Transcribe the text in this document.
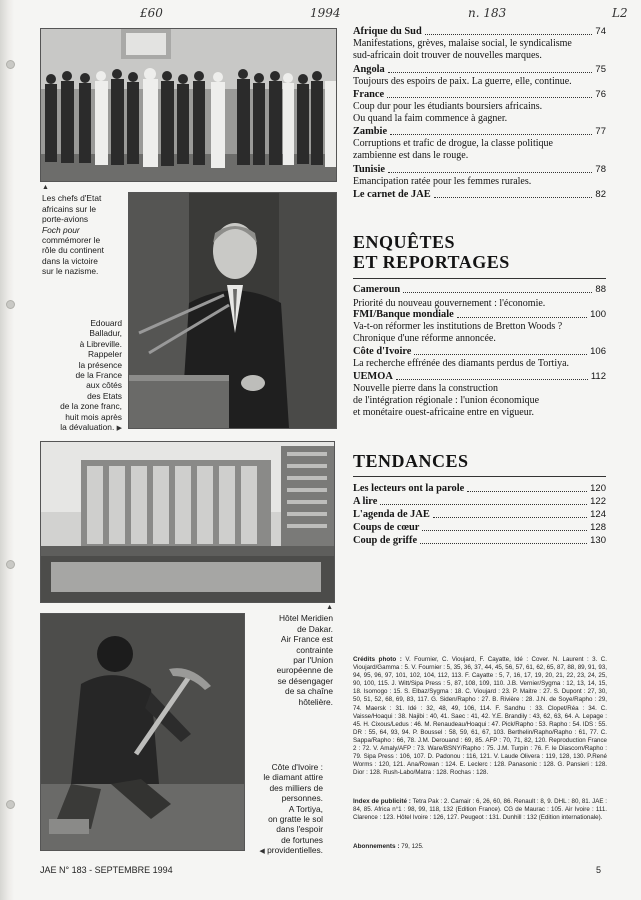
£60	1994	n. 183	L2
▲
Les chefs d'Etat
africains sur le
porte-avions
Foch pour
commémorer le
rôle du continent
dans la victoire
sur le nazisme.
Edouard
Balladur,
à Libreville.
Rappeler
la présence
de la France
aux côtés
des Etats
de la zone franc,
huit mois après
la dévaluation. ▶
▲
Hôtel Meridien
de Dakar.
Air France est
contrainte
par l'Union
européenne de
se désengager
de sa chaîne
hôtelière.
Côte d'Ivoire :
le diamant attire
des milliers de
personnes.
A Tortiya,
on gratte le sol
dans l'espoir
de fortunes
◀ providentielles.
Afrique du Sud	74
Manifestations, grèves, malaise social, le syndicalisme
sud-africain doit trouver de nouvelles marques.
Angola	75
Toujours des espoirs de paix. La guerre, elle, continue.
France	76
Coup dur pour les étudiants boursiers africains.
Ou quand la faim commence à gagner.
Zambie	77
Corruptions et trafic de drogue, la classe politique
zambienne est dans le rouge.
Tunisie	78
Emancipation ratée pour les femmes rurales.
Le carnet de JAE	82
ENQUÊTES
ET REPORTAGES
Cameroun	88
Priorité du nouveau gouvernement : l'économie.
FMI/Banque mondiale	100
Va-t-on réformer les institutions de Bretton Woods ?
Chronique d'une réforme annoncée.
Côte d'Ivoire	106
La recherche effrénée des diamants perdus de Tortiya.
UEMOA	112
Nouvelle pierre dans la construction
de l'intégration régionale : l'union économique
et monétaire ouest-africaine entre en vigueur.
TENDANCES
Les lecteurs ont la parole	120
A lire	122
L'agenda de JAE	124
Coups de cœur	128
Coup de griffe	130
Crédits photo : V. Fournier, C. Vioujard, F. Cayatte, Idé : Cover. N. Laurent : 3. C. Vioujard/Gamma : 5. V. Fournier : 5, 35, 36, 37, 44, 45, 56, 57, 61, 62, 65, 87, 88, 89, 91, 93, 94, 95, 96, 97, 101, 102, 104, 112, 113. F. Cayatte : 5, 7, 16, 17, 19, 20, 21, 22, 23, 24, 25, 90, 100, 115. J. Witt/Sipa Press : 5, 87, 108, 109, 110. J.B. Vernier/Sygma : 12, 13, 14, 15, 18. Isomogo : 15. S. Elbaz/Sygma : 18. C. Vioujard : 23. P. Maitre : 27. S. Dupont : 27, 30, 50, 51, 52, 68, 69, 83, 117. G. Siden/Rapho : 27. B. Rivière : 28. J.N. de Soye/Rapho : 29, 74. Maersk : 31. Idé : 32, 48, 49, 106, 114. F. Sandhu : 33. Clopet/Réa : 34. C. Vaisse/Hoaqui : 38. Najibi : 40, 41. Saec : 41, 42. Y.E. Brandily : 43, 62, 63, 64. A. Lepage : 45. H. Cixous/Ledus : 46. M. Renaudeau/Hoaqui : 47. Pick/Rapho : 53. Rapho : 54. IDS : 55. DR : 55, 64, 93, 94. P. Boussel : 58, 59, 61, 67, 103. Berthelin/Rapho/Rapho : 61, 77. C. Sappa/Rapho : 66, 78. J.M. Derouand : 69, 85. AFP : 70, 71, 82, 120. Reproduction France 2 : 72. V. Amaly/AFP : 73. Ware/BSNY/Rapho : 75. J.M. Turpin : 76. F. le Diascorn/Rapho : 79. Sipa Press : 106, 107. D. Padonou : 116, 121. V. Laude Olivera : 119, 128, 130. P.René Worms : 120, 121. Ana/Rowan : 124. E. Leclerc : 128. Panasonic : 128. G. Pansieri : 128. Dior : 128. Rush-Labo/Matra : 128. Rochas : 128.
Index de publicité : Tetra Pak : 2. Camair : 6, 26, 60, 86. Renault : 8, 9. DHL : 80, 81. JAE : 84, 85. Africa n°1 : 98, 99, 118, 132 (Edition France). CG de Maurac : 105. Air Ivoire : 111. Clarence : 123. Hôtel Ivoire : 126, 127. Peugeot : 131. Dunhill : 132 (Edition internationale).
Abonnements : 79, 125.
JAE N° 183 - SEPTEMBRE 1994	5
